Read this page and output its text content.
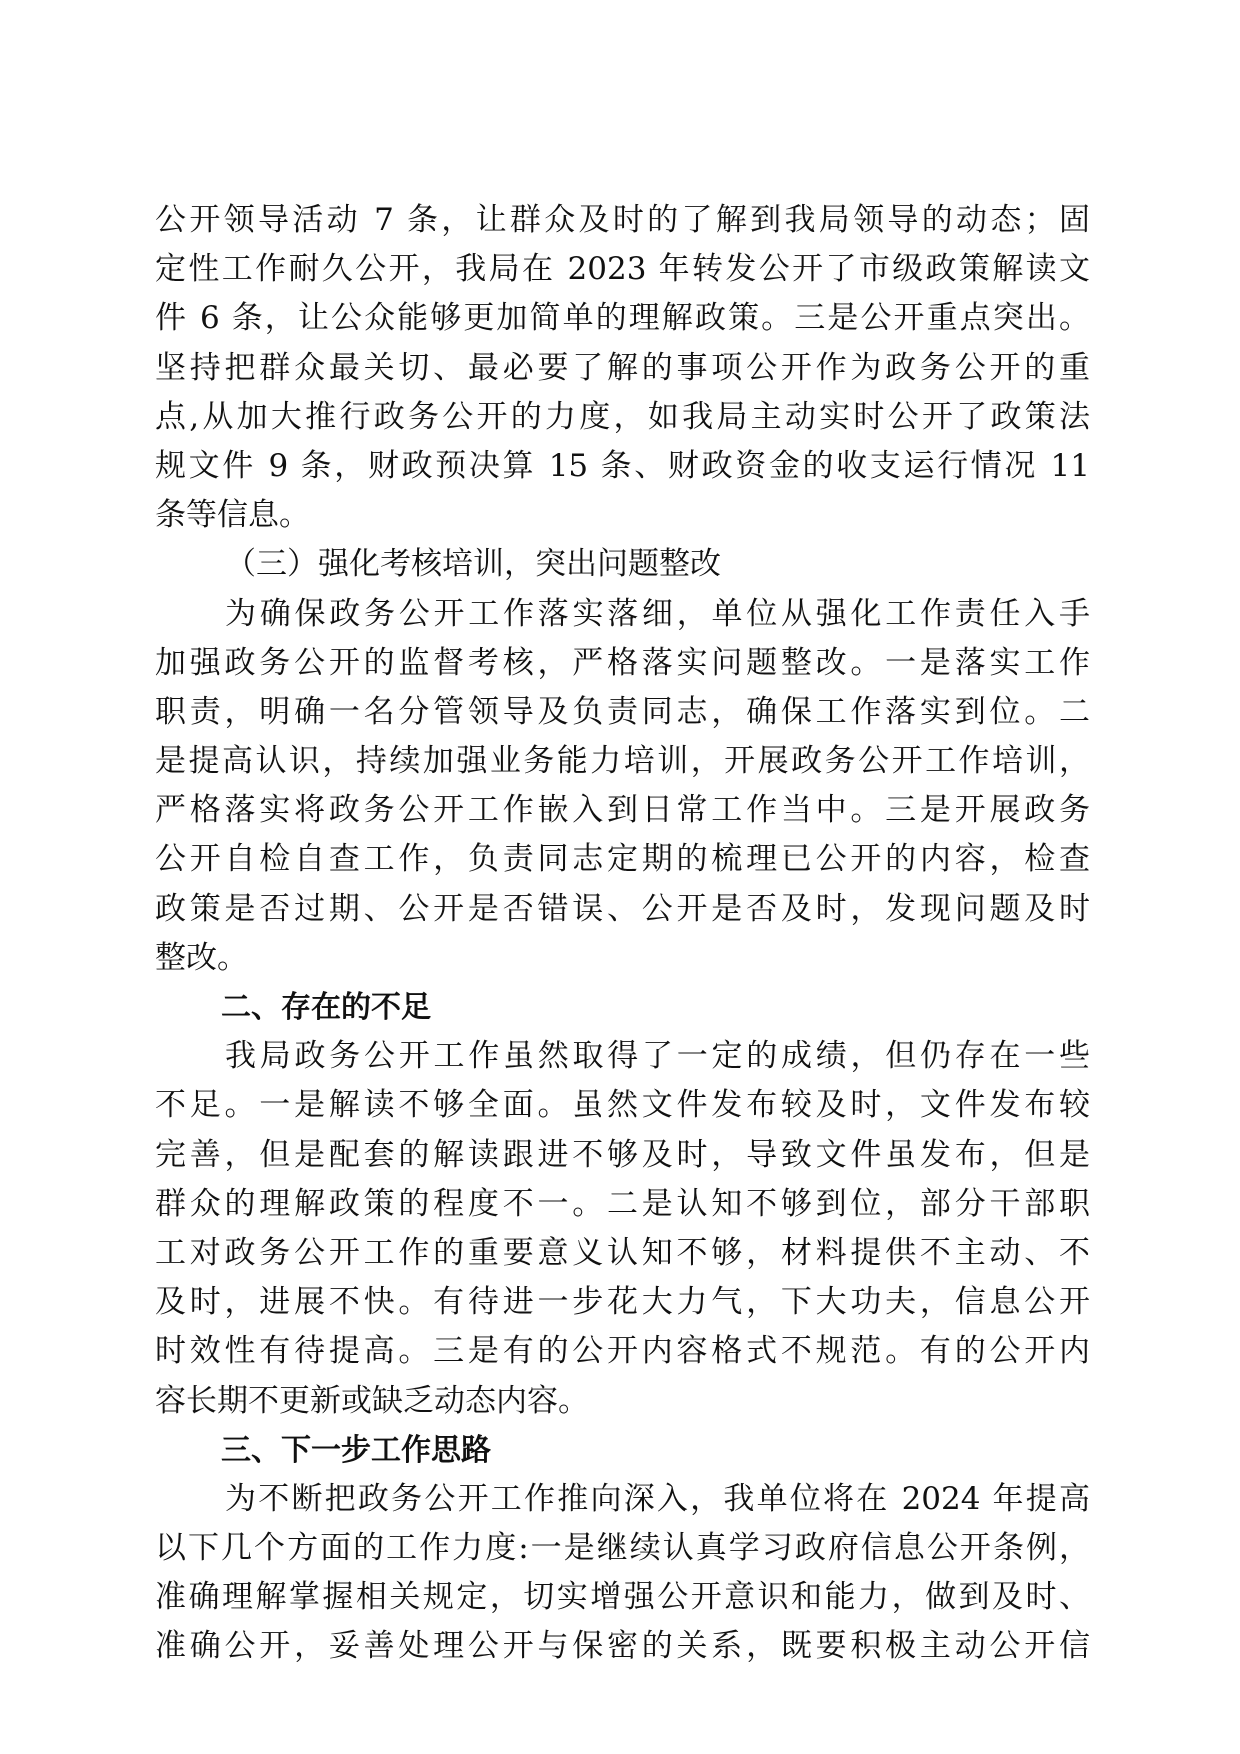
公开领导活动 7 条，让群众及时的了解到我局领导的动态；固
定性工作耐久公开，我局在 2023 年转发公开了市级政策解读文
件 6 条，让公众能够更加简单的理解政策。三是公开重点突出。
坚持把群众最关切、最必要了解的事项公开作为政务公开的重
点,从加大推行政务公开的力度，如我局主动实时公开了政策法
规文件 9 条，财政预决算 15 条、财政资金的收支运行情况 11
条等信息。
（三）强化考核培训，突出问题整改
为确保政务公开工作落实落细，单位从强化工作责任入手
加强政务公开的监督考核，严格落实问题整改。一是落实工作
职责，明确一名分管领导及负责同志，确保工作落实到位。二
是提高认识，持续加强业务能力培训，开展政务公开工作培训，
严格落实将政务公开工作嵌入到日常工作当中。三是开展政务
公开自检自查工作，负责同志定期的梳理已公开的内容，检查
政策是否过期、公开是否错误、公开是否及时，发现问题及时
整改。
二、存在的不足
我局政务公开工作虽然取得了一定的成绩，但仍存在一些
不足。一是解读不够全面。虽然文件发布较及时，文件发布较
完善，但是配套的解读跟进不够及时，导致文件虽发布，但是
群众的理解政策的程度不一。二是认知不够到位，部分干部职
工对政务公开工作的重要意义认知不够，材料提供不主动、不
及时，进展不快。有待进一步花大力气，下大功夫，信息公开
时效性有待提高。三是有的公开内容格式不规范。有的公开内
容长期不更新或缺乏动态内容。
三、下一步工作思路
为不断把政务公开工作推向深入，我单位将在 2024 年提高
以下几个方面的工作力度:一是继续认真学习政府信息公开条例，
准确理解掌握相关规定，切实增强公开意识和能力，做到及时、
准确公开，妥善处理公开与保密的关系，既要积极主动公开信
